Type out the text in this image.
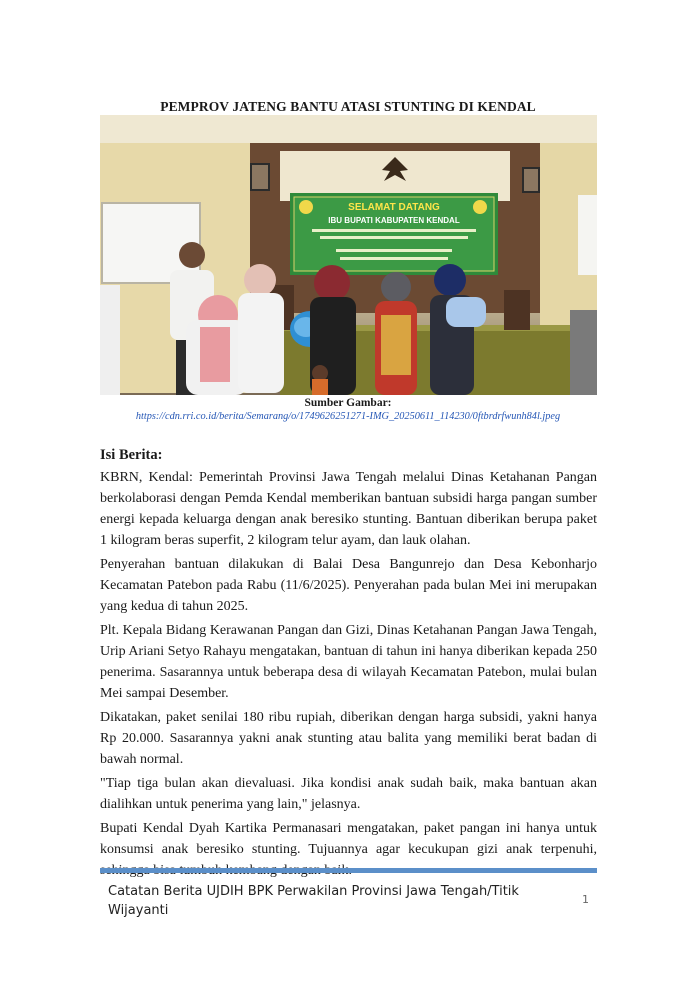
PEMPROV JATENG BANTU ATASI STUNTING DI KENDAL
SELAMAT DATANG
IBU BUPATI KABUPATEN KENDAL
Sumber Gambar:
https://cdn.rri.co.id/berita/Semarang/o/1749626251271-IMG_20250611_114230/0ftbrdrfwunh84l.jpeg
Isi Berita:

KBRN, Kendal: Pemerintah Provinsi Jawa Tengah melalui Dinas Ketahanan Pangan berkolaborasi dengan Pemda Kendal memberikan bantuan subsidi harga pangan sumber energi kepada keluarga dengan anak beresiko stunting. Bantuan diberikan berupa paket 1 kilogram beras superfit, 2 kilogram telur ayam, dan lauk olahan.

Penyerahan bantuan dilakukan di Balai Desa Bangunrejo dan Desa Kebonharjo Kecamatan Patebon pada Rabu (11/6/2025). Penyerahan pada bulan Mei ini merupakan yang kedua di tahun 2025.

Plt. Kepala Bidang Kerawanan Pangan dan Gizi, Dinas Ketahanan Pangan Jawa Tengah, Urip Ariani Setyo Rahayu mengatakan, bantuan di tahun ini hanya diberikan kepada 250 penerima. Sasarannya untuk beberapa desa di wilayah Kecamatan Patebon, mulai bulan Mei sampai Desember.

Dikatakan, paket senilai 180 ribu rupiah, diberikan dengan harga subsidi, yakni hanya Rp 20.000. Sasarannya yakni anak stunting atau balita yang memiliki berat badan di bawah normal.

"Tiap tiga bulan akan dievaluasi. Jika kondisi anak sudah baik, maka bantuan akan dialihkan untuk penerima yang lain," jelasnya.

Bupati Kendal Dyah Kartika Permanasari mengatakan, paket pangan ini hanya untuk konsumsi anak beresiko stunting. Tujuannya agar kecukupan gizi anak terpenuhi,

Catatan Berita UJDIH BPK Perwakilan Provinsi Jawa Tengah/Titik Wijayanti
1
